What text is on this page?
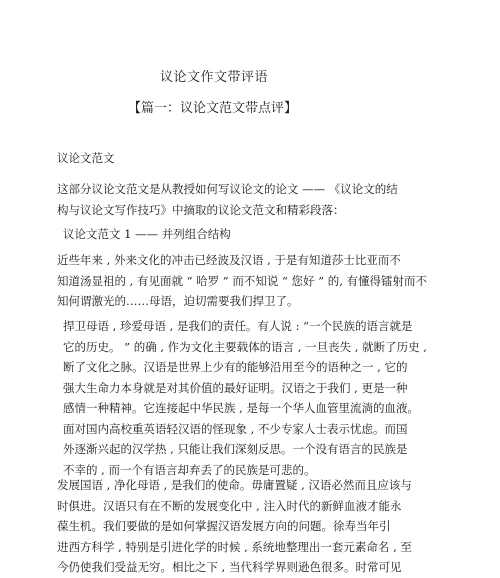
议论文作文带评语
【篇一：议论文范文带点评】
议论文范文
这部分议论文范文是从教授如何写议论文的论文 —— 《议论文的结
构与议论文写作技巧》中摘取的议论文范文和精彩段落：
议论文范文 1 —— 并列组合结构
近些年来 , 外来文化的冲击已经波及汉语 , 于是有知道莎士比亚而不
知道汤显祖的 , 有见面就 “ 哈罗 ” 而不知说 “ 您好 ” 的, 有懂得镭射而不
知何谓激光的……母语，迫切需要我们捍卫了。
捍卫母语 , 珍爱母语 , 是我们的责任。有人说 : “一个民族的语言就是
它的历史。 ” 的确 , 作为文化主要载体的语言 , 一旦丧失 , 就断了历史 ,
断了文化之脉。汉语是世界上少有的能够沿用至今的语种之一 , 它的
强大生命力本身就是对其价值的最好证明。汉语之于我们 , 更是一种
感情一种精神。它连接起中华民族 , 是每一个华人血管里流淌的血液。
面对国内高校重英语轻汉语的怪现象 , 不少专家人士表示忧虑。而国
外逐渐兴起的汉学热 , 只能让我们深刻反思。一个没有语言的民族是
不幸的 , 而一个有语言却弃丢了的民族是可悲的。
发展国语 , 净化母语 , 是我们的使命。毋庸置疑 , 汉语必然而且应该与
时俱进。汉语只有在不断的发展变化中 , 注入时代的新鲜血液才能永
葆生机。我们要做的是如何掌握汉语发展方向的问题。徐寿当年引
进西方科学 , 特别是引进化学的时候 , 系统地整理出一套元素命名 , 至
今仍使我们受益无穷。相比之下 , 当代科学界则逊色很多。时常可见
